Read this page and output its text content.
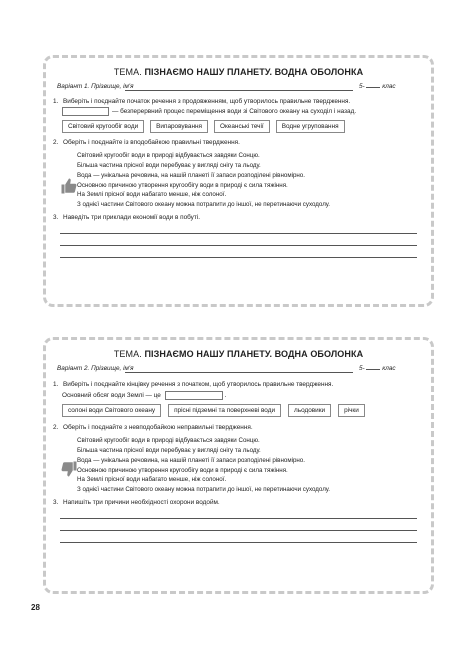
ТЕМА. ПІЗНАЄМО НАШУ ПЛАНЕТУ. ВОДНА ОБОЛОНКА
Варіант 1. Прізвище, ім'я	5-	клас
1. Виберіть і поєднайте початок речення з продовженням, щоб утворилось правильне твердження.
— безперервний процес переміщення води зі Світового океану на суходіл і назад.
Світовий кругообіг води	Випаровування	Океанські течії	Водне угруповання
2. Оберіть і поєднайте із вподобайкою правильні твердження.
Світовий кругообіг води в природі відбувається завдяки Сонцю.
Більша частина прісної води перебуває у вигляді снігу та льоду.
Вода — унікальна речовина, на нашій планеті її запаси розподілені рівномірно.
Основною причиною утворення кругообігу води в природі є сила тяжіння.
На Землі прісної води набагато менше, ніж солоної.
З однієї частини Світового океану можна потрапити до іншої, не перетинаючи суходолу.
3. Наведіть три приклади економії води в побуті.
ТЕМА. ПІЗНАЄМО НАШУ ПЛАНЕТУ. ВОДНА ОБОЛОНКА
Варіант 2. Прізвище, ім'я	5-	клас
1. Виберіть і поєднайте кінцівку речення з початком, щоб утворилось правильне твердження.
Основний обсяг води Землі — це	.
солоні води Світового океану	прісні підземні та поверхневі води	льодовики	річки
2. Оберіть і поєднайте з невподобайкою неправильні твердження.
Світовий кругообіг води в природі відбувається завдяки Сонцю.
Більша частина прісної води перебуває у вигляді снігу та льоду.
Вода — унікальна речовина, на нашій планеті її запаси розподілені рівномірно.
Основною причиною утворення кругообігу води в природі є сила тяжіння.
На Землі прісної води набагато менше, ніж солоної.
З однієї частини Світового океану можна потрапити до іншої, не перетинаючи суходолу.
3. Напишіть три причини необхідності охорони водойм.
28
